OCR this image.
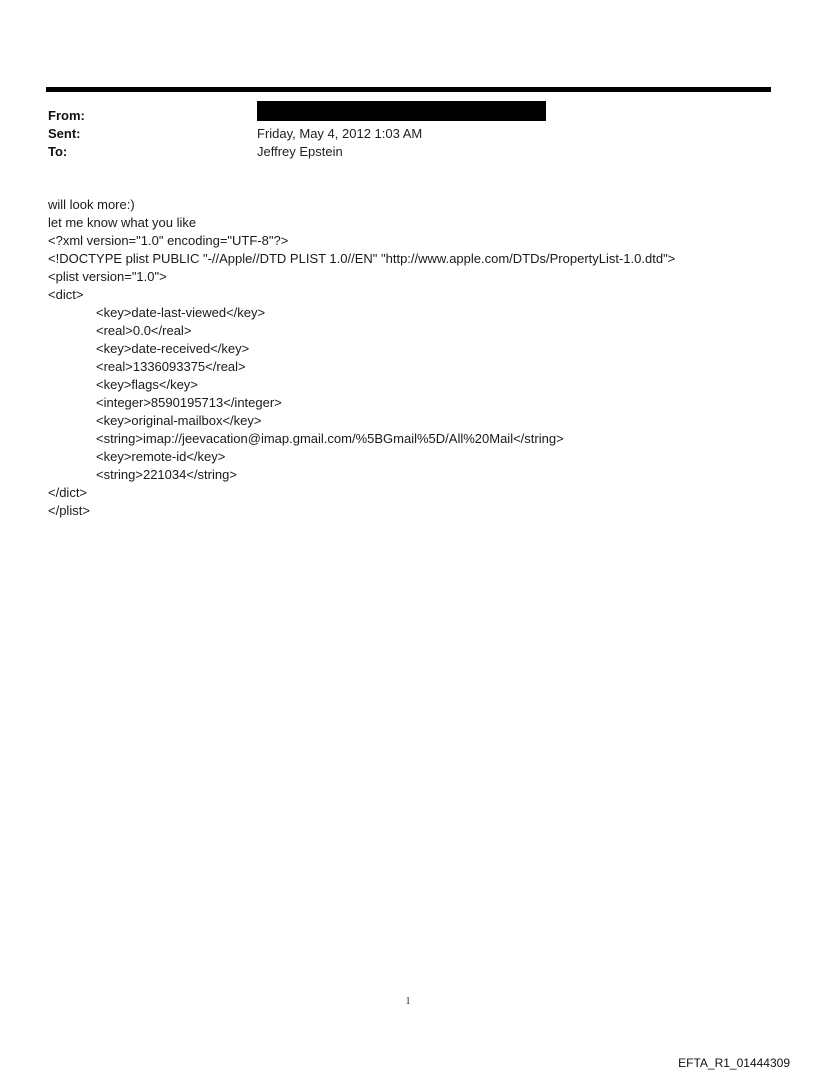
From:
Sent:	Friday, May 4, 2012 1:03 AM
To:	Jeffrey Epstein
will look more:)
let me know what you like
<?xml version="1.0" encoding="UTF-8"?>
<!DOCTYPE plist PUBLIC "-//Apple//DTD PLIST 1.0//EN" "http://www.apple.com/DTDs/PropertyList-1.0.dtd">
<plist version="1.0">
<dict>
<key>date-last-viewed</key>
<real>0.0</real>
<key>date-received</key>
<real>1336093375</real>
<key>flags</key>
<integer>8590195713</integer>
<key>original-mailbox</key>
<string>imap://jeevacation@imap.gmail.com/%5BGmail%5D/All%20Mail</string>
<key>remote-id</key>
<string>221034</string>
</dict>
</plist>
1
EFTA_R1_01444309
